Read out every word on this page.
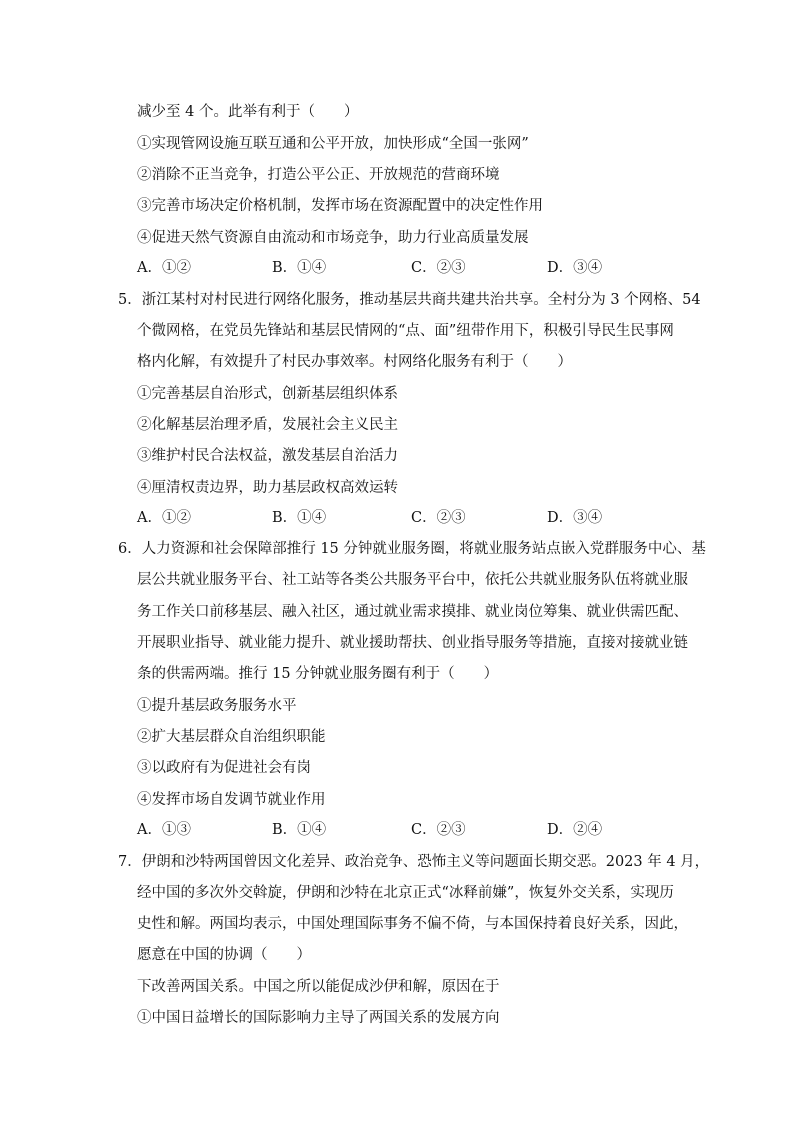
减少至 4 个。此举有利于（　　）
①实现管网设施互联互通和公平开放，加快形成“全国一张网”
②消除不正当竞争，打造公平公正、开放规范的营商环境
③完善市场决定价格机制，发挥市场在资源配置中的决定性作用
④促进天然气资源自由流动和市场竞争，助力行业高质量发展
A．①②	B．①④	C．②③	D．③④
5．浙江某村对村民进行网络化服务，推动基层共商共建共治共享。全村分为 3 个网格、54
个微网格，在党员先锋站和基层民情网的“点、面”纽带作用下，积极引导民生民事网
格内化解，有效提升了村民办事效率。村网络化服务有利于（　　）
①完善基层自治形式，创新基层组织体系
②化解基层治理矛盾，发展社会主义民主
③维护村民合法权益，激发基层自治活力
④厘清权责边界，助力基层政权高效运转
A．①②	B．①④	C．②③	D．③④
6．人力资源和社会保障部推行 15 分钟就业服务圈，将就业服务站点嵌入党群服务中心、基
层公共就业服务平台、社工站等各类公共服务平台中，依托公共就业服务队伍将就业服
务工作关口前移基层、融入社区，通过就业需求摸排、就业岗位筹集、就业供需匹配、
开展职业指导、就业能力提升、就业援助帮扶、创业指导服务等措施，直接对接就业链
条的供需两端。推行 15 分钟就业服务圈有利于（　　）
①提升基层政务服务水平
②扩大基层群众自治组织职能
③以政府有为促进社会有岗
④发挥市场自发调节就业作用
A．①③	B．①④	C．②③	D．②④
7．伊朗和沙特两国曾因文化差异、政治竞争、恐怖主义等问题面长期交恶。2023 年 4 月，
经中国的多次外交斡旋，伊朗和沙特在北京正式“冰释前嫌”，恢复外交关系，实现历
史性和解。两国均表示，中国处理国际事务不偏不倚，与本国保持着良好关系，因此，
愿意在中国的协调（　　）
下改善两国关系。中国之所以能促成沙伊和解，原因在于
①中国日益增长的国际影响力主导了两国关系的发展方向
